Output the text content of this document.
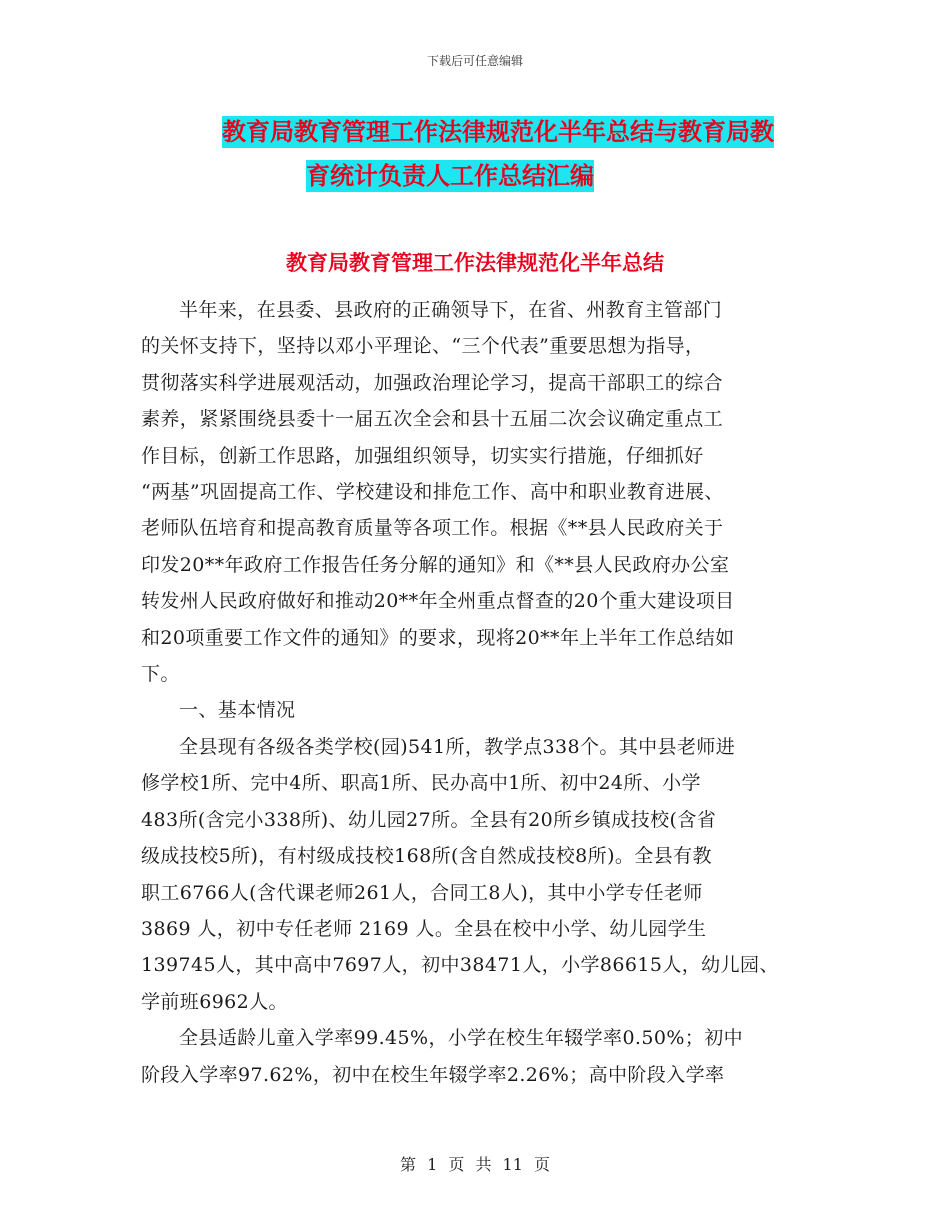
下载后可任意编辑
教育局教育管理工作法律规范化半年总结与教育局教
育统计负责人工作总结汇编
教育局教育管理工作法律规范化半年总结

半年来，在县委、县政府的正确领导下，在省、州教育主管部门
的关怀支持下，坚持以邓小平理论、“三个代表”重要思想为指导，
贯彻落实科学进展观活动，加强政治理论学习，提高干部职工的综合
素养，紧紧围绕县委十一届五次全会和县十五届二次会议确定重点工
作目标，创新工作思路，加强组织领导，切实实行措施，仔细抓好
“两基”巩固提高工作、学校建设和排危工作、高中和职业教育进展、
老师队伍培育和提高教育质量等各项工作。根据《**县人民政府关于
印发20**年政府工作报告任务分解的通知》和《**县人民政府办公室
转发州人民政府做好和推动20**年全州重点督查的20个重大建设项目
和20项重要工作文件的通知》的要求，现将20**年上半年工作总结如
下。

一、基本情况

全县现有各级各类学校(园)541所，教学点338个。其中县老师进
修学校1所、完中4所、职高1所、民办高中1所、初中24所、小学
483所(含完小338所)、幼儿园27所。全县有20所乡镇成技校(含省
级成技校5所)，有村级成技校168所(含自然成技校8所)。全县有教
职工6766人(含代课老师261人，合同工8人)，其中小学专任老师
3869 人，初中专任老师 2169 人。全县在校中小学、幼儿园学生
139745人，其中高中7697人，初中38471人，小学86615人，幼儿园、
学前班6962人。

全县适龄儿童入学率99.45%，小学在校生年辍学率0.50%；初中
阶段入学率97.62%，初中在校生年辍学率2.26%；高中阶段入学率

第 1 页 共 11 页
